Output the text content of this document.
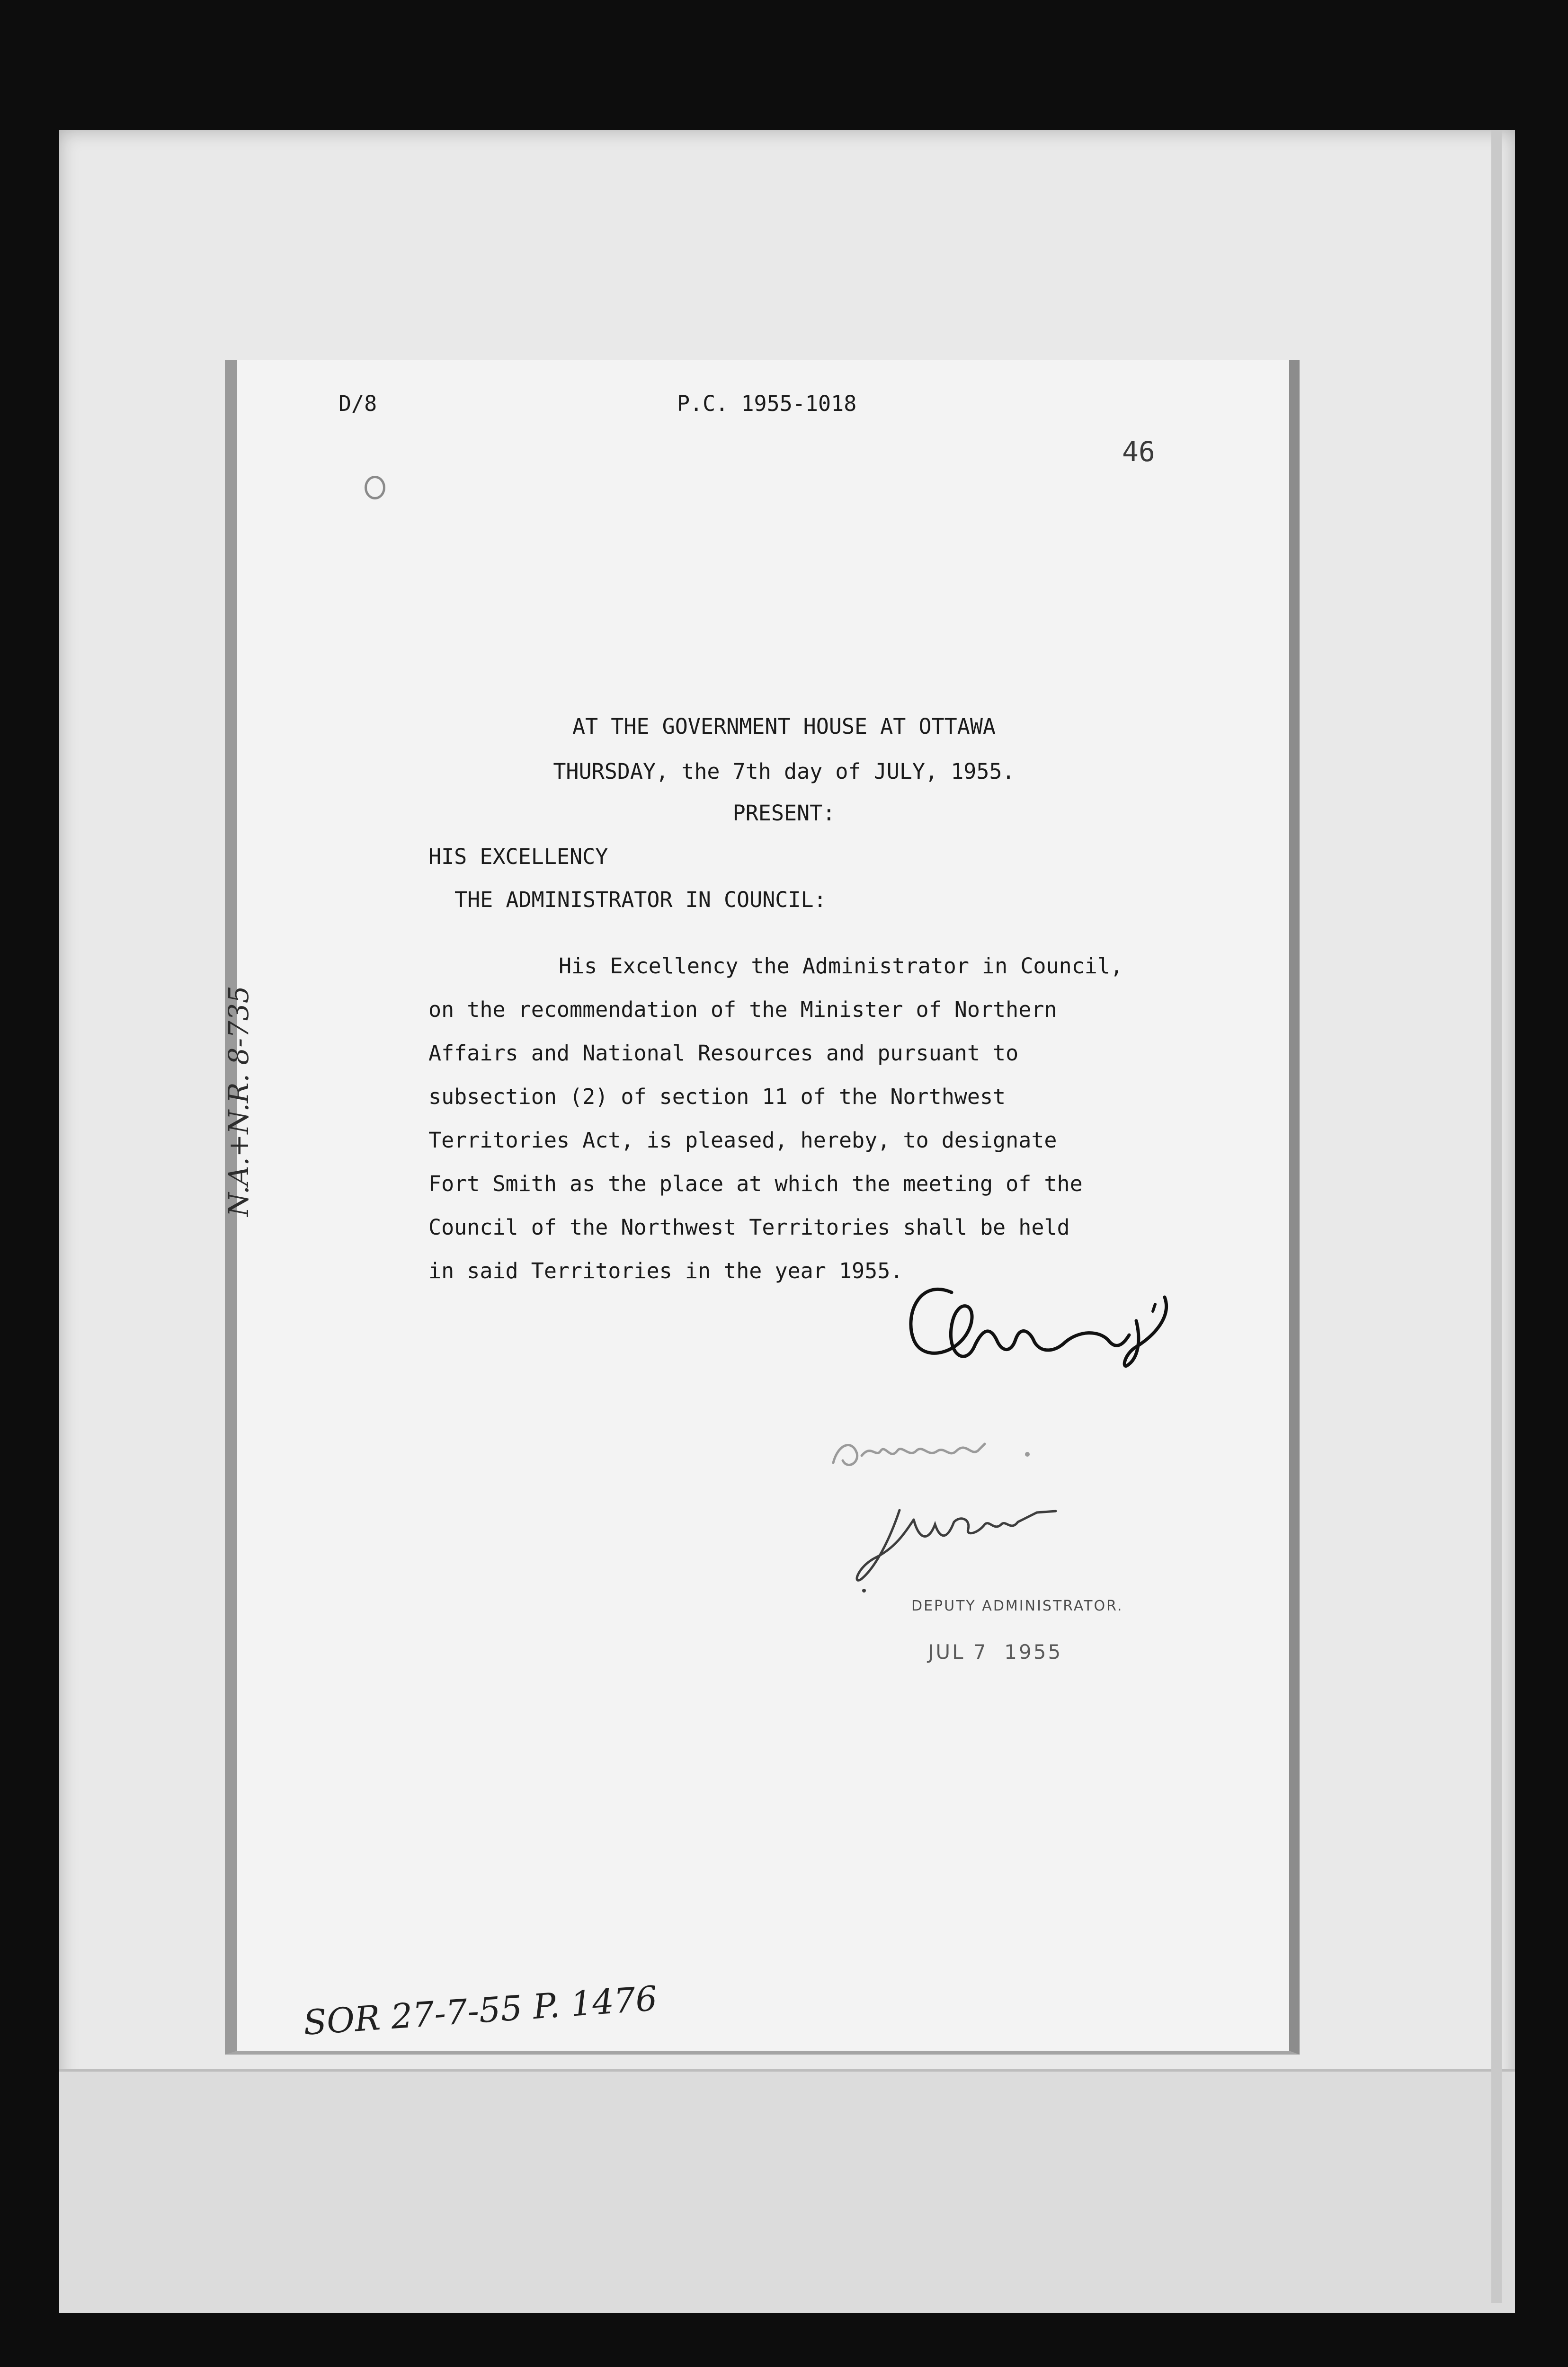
D/8	P.C. 1955-1018
46
AT THE GOVERNMENT HOUSE AT OTTAWA
THURSDAY, the 7th day of JULY, 1955.
PRESENT:
HIS EXCELLENCY
THE ADMINISTRATOR IN COUNCIL:
His Excellency the Administrator in Council,
on the recommendation of the Minister of Northern
Affairs and National Resources and pursuant to
subsection (2) of section 11 of the Northwest
Territories Act, is pleased, hereby, to designate
Fort Smith as the place at which the meeting of the
Council of the Northwest Territories shall be held
in said Territories in the year 1955.
N.A.+N.R. 8-735
DEPUTY ADMINISTRATOR.
JUL 7  1955
SOR 27-7-55 P. 1476
